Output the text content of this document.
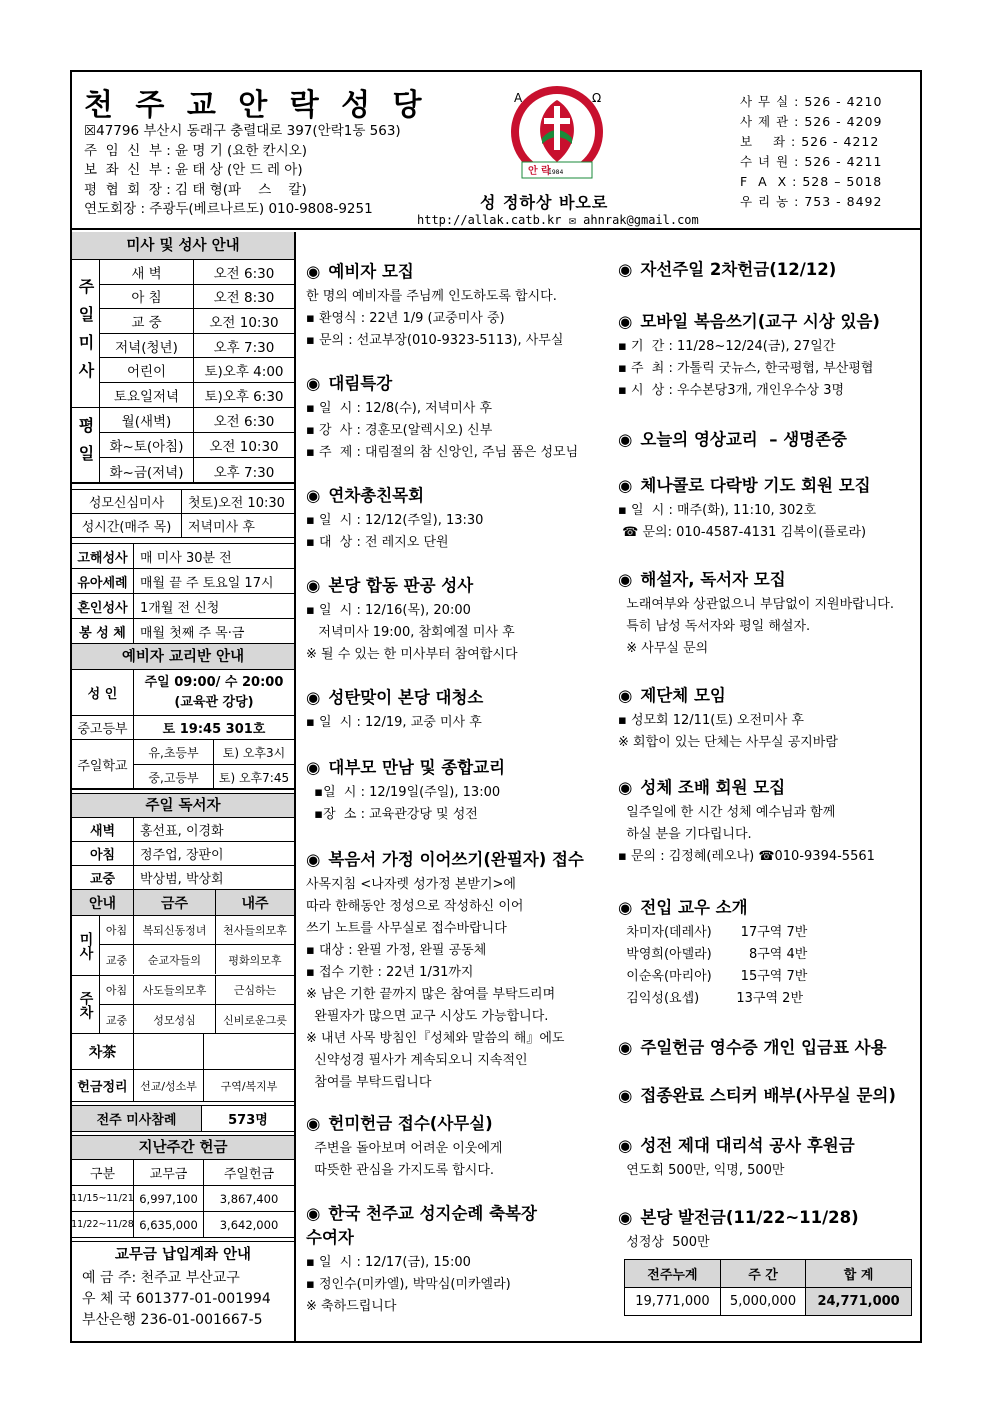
천 주 교 안 락 성 당
☒47796 부산시 동래구 충렬대로 397(안락1동 563)
주  임  신  부 : 윤 명 기 (요한 칸시오)
보  좌  신  부 : 윤 태 상 (안 드 레 아)
평  협  회  장 : 김 태 형(파    스    칼)
연도회장 : 주광두(베르나르도) 010-9808-9251
A	Ω
안 락
1984
성 정하상 바오로
http://allak.catb.kr ✉ ahnrak@gmail.com
사 무 실 : 526 - 4210
사 제 관 : 526 - 4209
보    좌 : 526 - 4212
수 녀 원 : 526 - 4211
F  A  X : 528 – 5018
우 리 농 : 753 - 8492
미사 및 성사 안내
주일미사
새 벽	오전 6:30
아 침	오전 8:30
교 중	오전 10:30
저녁(청년)	오후 7:30
어린이	토)오후 4:00
토요일저녁	토)오후 6:30
평일	월(새벽)	오전 6:30
화~토(아침)	오전 10:30
화~금(저녁)	오후 7:30
성모신심미사	첫토)오전 10:30
성시간(매주 목)	저녁미사 후
고해성사 매 미사 30분 전
유아세례 매월 끝 주 토요일 17시
혼인성사 1개월 전 신청
봉 성 체	매월 첫째 주 목·금
예비자 교리반 안내
성 인
주일 09:00/ 수 20:00
(교육관 강당)
중고등부	토 19:45 301호
주일학교
유,초등부	토) 오후3시
중,고등부	토) 오후7:45
주일 독서자
새벽	홍선표, 이경화
아침	정주업, 장판이
교중	박상범, 박상회
안내	금주	내주
미사
아침	복되신동정녀	천사들의모후
교중	순교자들의	평화의모후
주차	아침	사도들의모후	근심하는
교중	성모성심	신비로운그릇
차茶
헌금정리	선교/성소부	구역/복지부
전주 미사참례	573명
지난주간 헌금
구분	교무금	주일헌금
11/15~11/21 6,997,100	3,867,400
11/22~11/28 6,635,000	3,642,000
교무금 납입계좌 안내
예 금 주: 천주교 부산교구
우 체 국 601377-01-001994
부산은행 236-01-001667-5
◉ 예비자 모집

한 명의 예비자를 주님께 인도하도록 합시다.
▪ 환영식 : 22년 1/9 (교중미사 중)
▪ 문의 : 선교부장(010-9323-5113), 사무실

◉ 대림특강

▪ 일  시 : 12/8(수), 저녁미사 후
▪ 강  사 : 경훈모(알렉시오) 신부
▪ 주  제 : 대림절의 참 신앙인, 주님 품은 성모님

◉ 연차총친목회

▪ 일  시 : 12/12(주일), 13:30
▪ 대  상 : 전 레지오 단원

◉ 본당 합동 판공 성사

▪ 일  시 : 12/16(목), 20:00
저녁미사 19:00, 참회예절 미사 후
※ 될 수 있는 한 미사부터 참여합시다

◉ 성탄맞이 본당 대청소

▪ 일  시 : 12/19, 교중 미사 후

◉ 대부모 만남 및 종합교리

▪일  시 : 12/19일(주일), 13:00
▪장  소 : 교육관강당 및 성전

◉ 복음서 가정 이어쓰기(완필자) 접수

사목지침 <나자렛 성가정 본받기>에
따라 한해동안 정성으로 작성하신 이어
쓰기 노트를 사무실로 접수바랍니다
▪ 대상 : 완필 가정, 완필 공동체
▪ 접수 기한 : 22년 1/31까지
※ 남은 기한 끝까지 많은 참여를 부탁드리며
완필자가 많으면 교구 시상도 가능합니다.
※ 내년 사목 방침인『성체와 말씀의 해』에도
신약성경 필사가 계속되오니 지속적인
참여를 부탁드립니다

◉ 헌미헌금 접수(사무실)

주변을 돌아보며 어려운 이웃에게
따뜻한 관심을 가지도록 합시다.

◉ 한국 천주교 성지순례 축복장
수여자

▪ 일  시 : 12/17(금), 15:00
▪ 정인수(미카엘), 박막심(미카엘라)
※ 축하드립니다

◉ 자선주일 2차헌금(12/12)
◉ 모바일 복음쓰기(교구 시상 있음)

▪ 기  간 : 11/28~12/24(금), 27일간
▪ 주  최 : 가톨릭 굿뉴스, 한국평협, 부산평협
▪ 시  상 : 우수본당3개, 개인우수상 3명

◉ 오늘의 영상교리  – 생명존중
◉ 체나콜로 다락방 기도 회원 모집

▪ 일  시 : 매주(화), 11:10, 302호
☎ 문의: 010-4587-4131 김복이(플로라)

◉ 해설자, 독서자 모집

노래여부와 상관없으니 부담없이 지원바랍니다.
특히 남성 독서자와 평일 해설자.
※ 사무실 문의

◉ 제단체 모임

▪ 성모회 12/11(토) 오전미사 후
※ 회합이 있는 단체는 사무실 공지바람

◉ 성체 조배 회원 모집

일주일에 한 시간 성체 예수님과 함께
하실 분을 기다립니다.
▪ 문의 : 김정혜(레오나) ☎010-9394-5561

◉ 전입 교우 소개

차미자(데레사)       17구역 7반
박영희(아델라)         8구역 4반
이순옥(마리아)       15구역 7반
김익성(요셉)         13구역 2반

◉ 주일헌금 영수증 개인 입금표 사용
◉ 접종완료 스티커 배부(사무실 문의)
◉ 성전 제대 대리석 공사 후원금

연도회 500만, 익명, 500만

◉ 본당 발전금(11/22~11/28)

성정상  500만

전주누계	주 간	합 계
19,771,000	5,000,000	24,771,000
